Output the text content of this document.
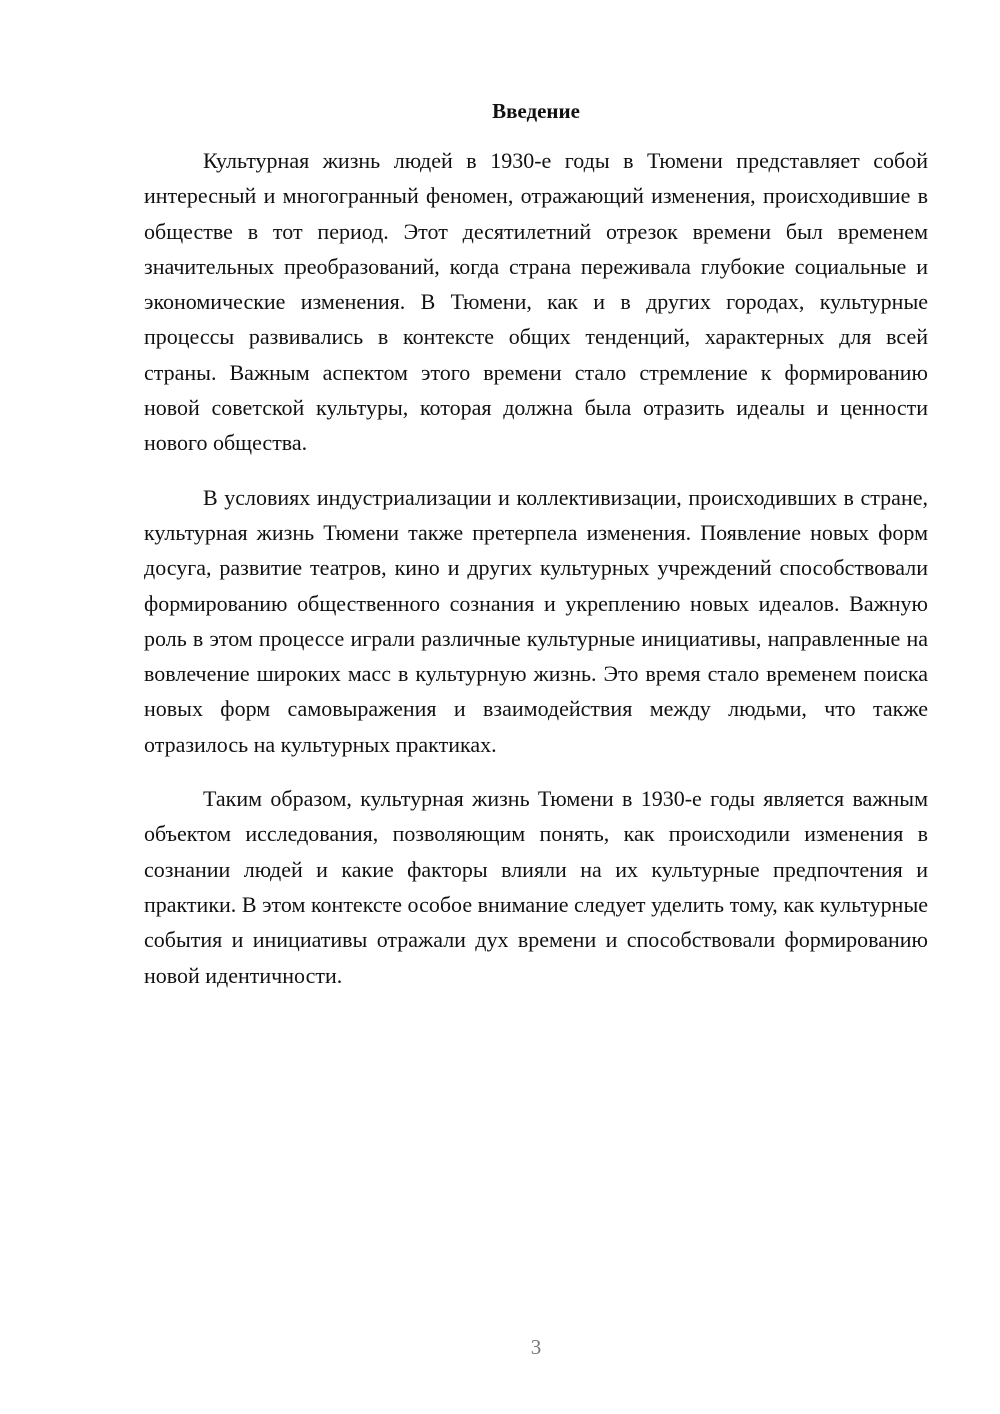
Введение

Культурная жизнь людей в 1930-е годы в Тюмени представляет собой интересный и многогранный феномен, отражающий изменения, происходившие в обществе в тот период. Этот десятилетний отрезок времени был временем значительных преобразований, когда страна переживала глубокие социальные и экономические изменения. В Тюмени, как и в других городах, культурные процессы развивались в контексте общих тенденций, характерных для всей страны. Важным аспектом этого времени стало стремление к формированию новой советской культуры, которая должна была отразить идеалы и ценности нового общества.

В условиях индустриализации и коллективизации, происходивших в стране, культурная жизнь Тюмени также претерпела изменения. Появление новых форм досуга, развитие театров, кино и других культурных учреждений способствовали формированию общественного сознания и укреплению новых идеалов. Важную роль в этом процессе играли различные культурные инициативы, направленные на вовлечение широких масс в культурную жизнь. Это время стало временем поиска новых форм самовыражения и взаимодействия между людьми, что также отразилось на культурных практиках.

Таким образом, культурная жизнь Тюмени в 1930-е годы является важным объектом исследования, позволяющим понять, как происходили изменения в сознании людей и какие факторы влияли на их культурные предпочтения и практики. В этом контексте особое внимание следует уделить тому, как культурные события и инициативы отражали дух времени и способствовали формированию новой идентичности.

3
